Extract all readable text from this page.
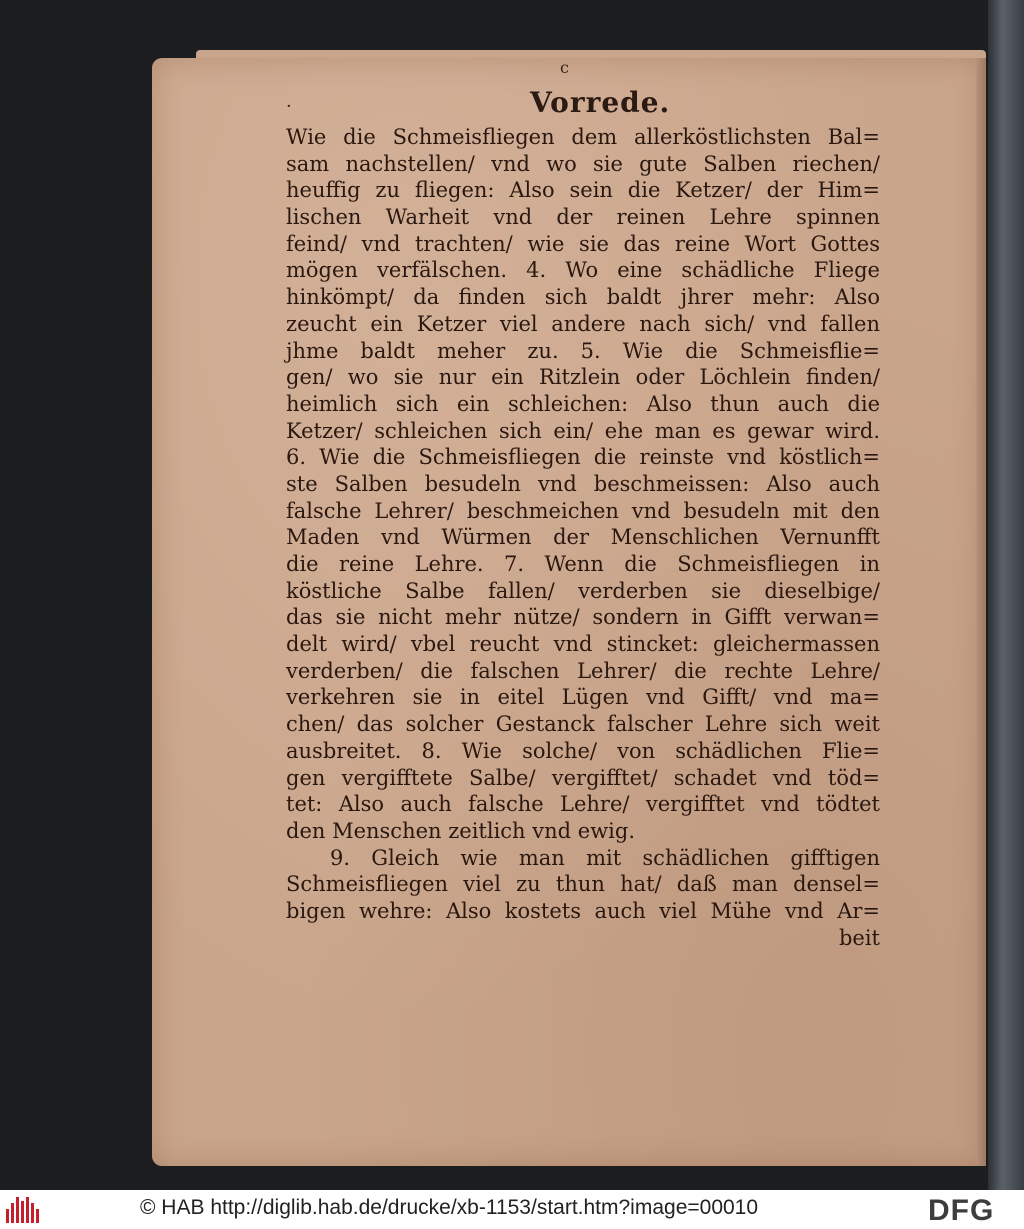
c
·	Vorrede.
Wie die Schmeisfliegen dem allerköstlichsten Bal=
sam nachstellen/ vnd wo sie gute Salben riechen/
heuffig zu fliegen: Also sein die Ketzer/ der Him=
lischen Warheit vnd der reinen Lehre spinnen
feind/ vnd trachten/ wie sie das reine Wort Gottes
mögen verfälschen. 4. Wo eine schädliche Fliege
hinkömpt/ da finden sich baldt jhrer mehr: Also
zeucht ein Ketzer viel andere nach sich/ vnd fallen
jhme baldt meher zu. 5. Wie die Schmeisflie=
gen/ wo sie nur ein Ritzlein oder Löchlein finden/
heimlich sich ein schleichen: Also thun auch die
Ketzer/ schleichen sich ein/ ehe man es gewar wird.
6. Wie die Schmeisfliegen die reinste vnd köstlich=
ste Salben besudeln vnd beschmeissen: Also auch
falsche Lehrer/ beschmeichen vnd besudeln mit den
Maden vnd Würmen der Menschlichen Vernunfft
die reine Lehre. 7. Wenn die Schmeisfliegen in
köstliche Salbe fallen/ verderben sie dieselbige/
das sie nicht mehr nütze/ sondern in Gifft verwan=
delt wird/ vbel reucht vnd stincket: gleichermassen
verderben/ die falschen Lehrer/ die rechte Lehre/
verkehren sie in eitel Lügen vnd Gifft/ vnd ma=
chen/ das solcher Gestanck falscher Lehre sich weit
ausbreitet. 8. Wie solche/ von schädlichen Flie=
gen vergifftete Salbe/ vergifftet/ schadet vnd töd=
tet: Also auch falsche Lehre/ vergifftet vnd tödtet
den Menschen zeitlich vnd ewig.
9. Gleich wie man mit schädlichen gifftigen
Schmeisfliegen viel zu thun hat/ daß man densel=
bigen wehre: Also kostets auch viel Mühe vnd Ar=
beit
© HAB http://diglib.hab.de/drucke/xb-1153/start.htm?image=00010	DFG
